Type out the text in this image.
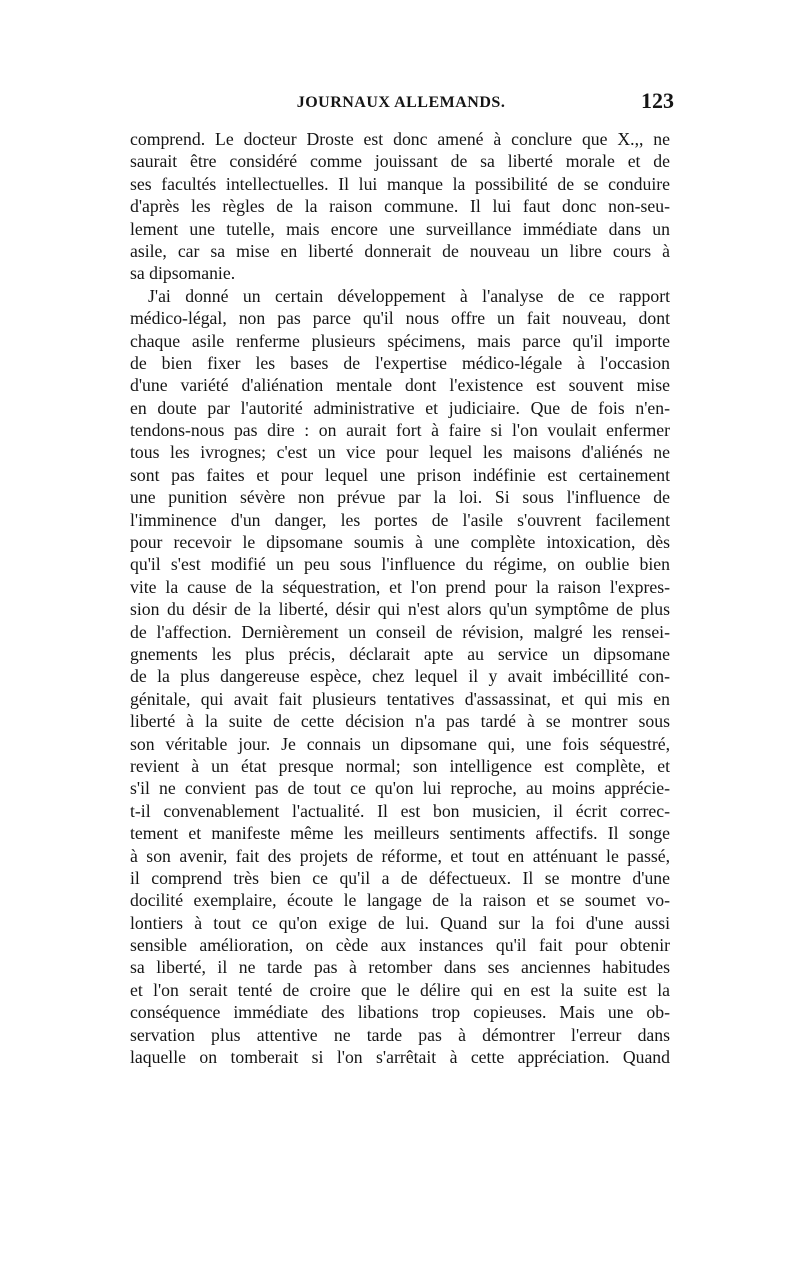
JOURNAUX ALLEMANDS.	123
comprend. Le docteur Droste est donc amené à conclure que X.,, ne
saurait être considéré comme jouissant de sa liberté morale et de
ses facultés intellectuelles. Il lui manque la possibilité de se conduire
d'après les règles de la raison commune. Il lui faut donc non-seu-
lement une tutelle, mais encore une surveillance immédiate dans un
asile, car sa mise en liberté donnerait de nouveau un libre cours à
sa dipsomanie.
J'ai donné un certain développement à l'analyse de ce rapport
médico-légal, non pas parce qu'il nous offre un fait nouveau, dont
chaque asile renferme plusieurs spécimens, mais parce qu'il importe
de bien fixer les bases de l'expertise médico-légale à l'occasion
d'une variété d'aliénation mentale dont l'existence est souvent mise
en doute par l'autorité administrative et judiciaire. Que de fois n'en-
tendons-nous pas dire : on aurait fort à faire si l'on voulait enfermer
tous les ivrognes; c'est un vice pour lequel les maisons d'aliénés ne
sont pas faites et pour lequel une prison indéfinie est certainement
une punition sévère non prévue par la loi. Si sous l'influence de
l'imminence d'un danger, les portes de l'asile s'ouvrent facilement
pour recevoir le dipsomane soumis à une complète intoxication, dès
qu'il s'est modifié un peu sous l'influence du régime, on oublie bien
vite la cause de la séquestration, et l'on prend pour la raison l'expres-
sion du désir de la liberté, désir qui n'est alors qu'un symptôme de plus
de l'affection. Dernièrement un conseil de révision, malgré les rensei-
gnements les plus précis, déclarait apte au service un dipsomane
de la plus dangereuse espèce, chez lequel il y avait imbécillité con-
génitale, qui avait fait plusieurs tentatives d'assassinat, et qui mis en
liberté à la suite de cette décision n'a pas tardé à se montrer sous
son véritable jour. Je connais un dipsomane qui, une fois séquestré,
revient à un état presque normal; son intelligence est complète, et
s'il ne convient pas de tout ce qu'on lui reproche, au moins apprécie-
t-il convenablement l'actualité. Il est bon musicien, il écrit correc-
tement et manifeste même les meilleurs sentiments affectifs. Il songe
à son avenir, fait des projets de réforme, et tout en atténuant le passé,
il comprend très bien ce qu'il a de défectueux. Il se montre d'une
docilité exemplaire, écoute le langage de la raison et se soumet vo-
lontiers à tout ce qu'on exige de lui. Quand sur la foi d'une aussi
sensible amélioration, on cède aux instances qu'il fait pour obtenir
sa liberté, il ne tarde pas à retomber dans ses anciennes habitudes
et l'on serait tenté de croire que le délire qui en est la suite est la
conséquence immédiate des libations trop copieuses. Mais une ob-
servation plus attentive ne tarde pas à démontrer l'erreur dans
laquelle on tomberait si l'on s'arrêtait à cette appréciation. Quand
